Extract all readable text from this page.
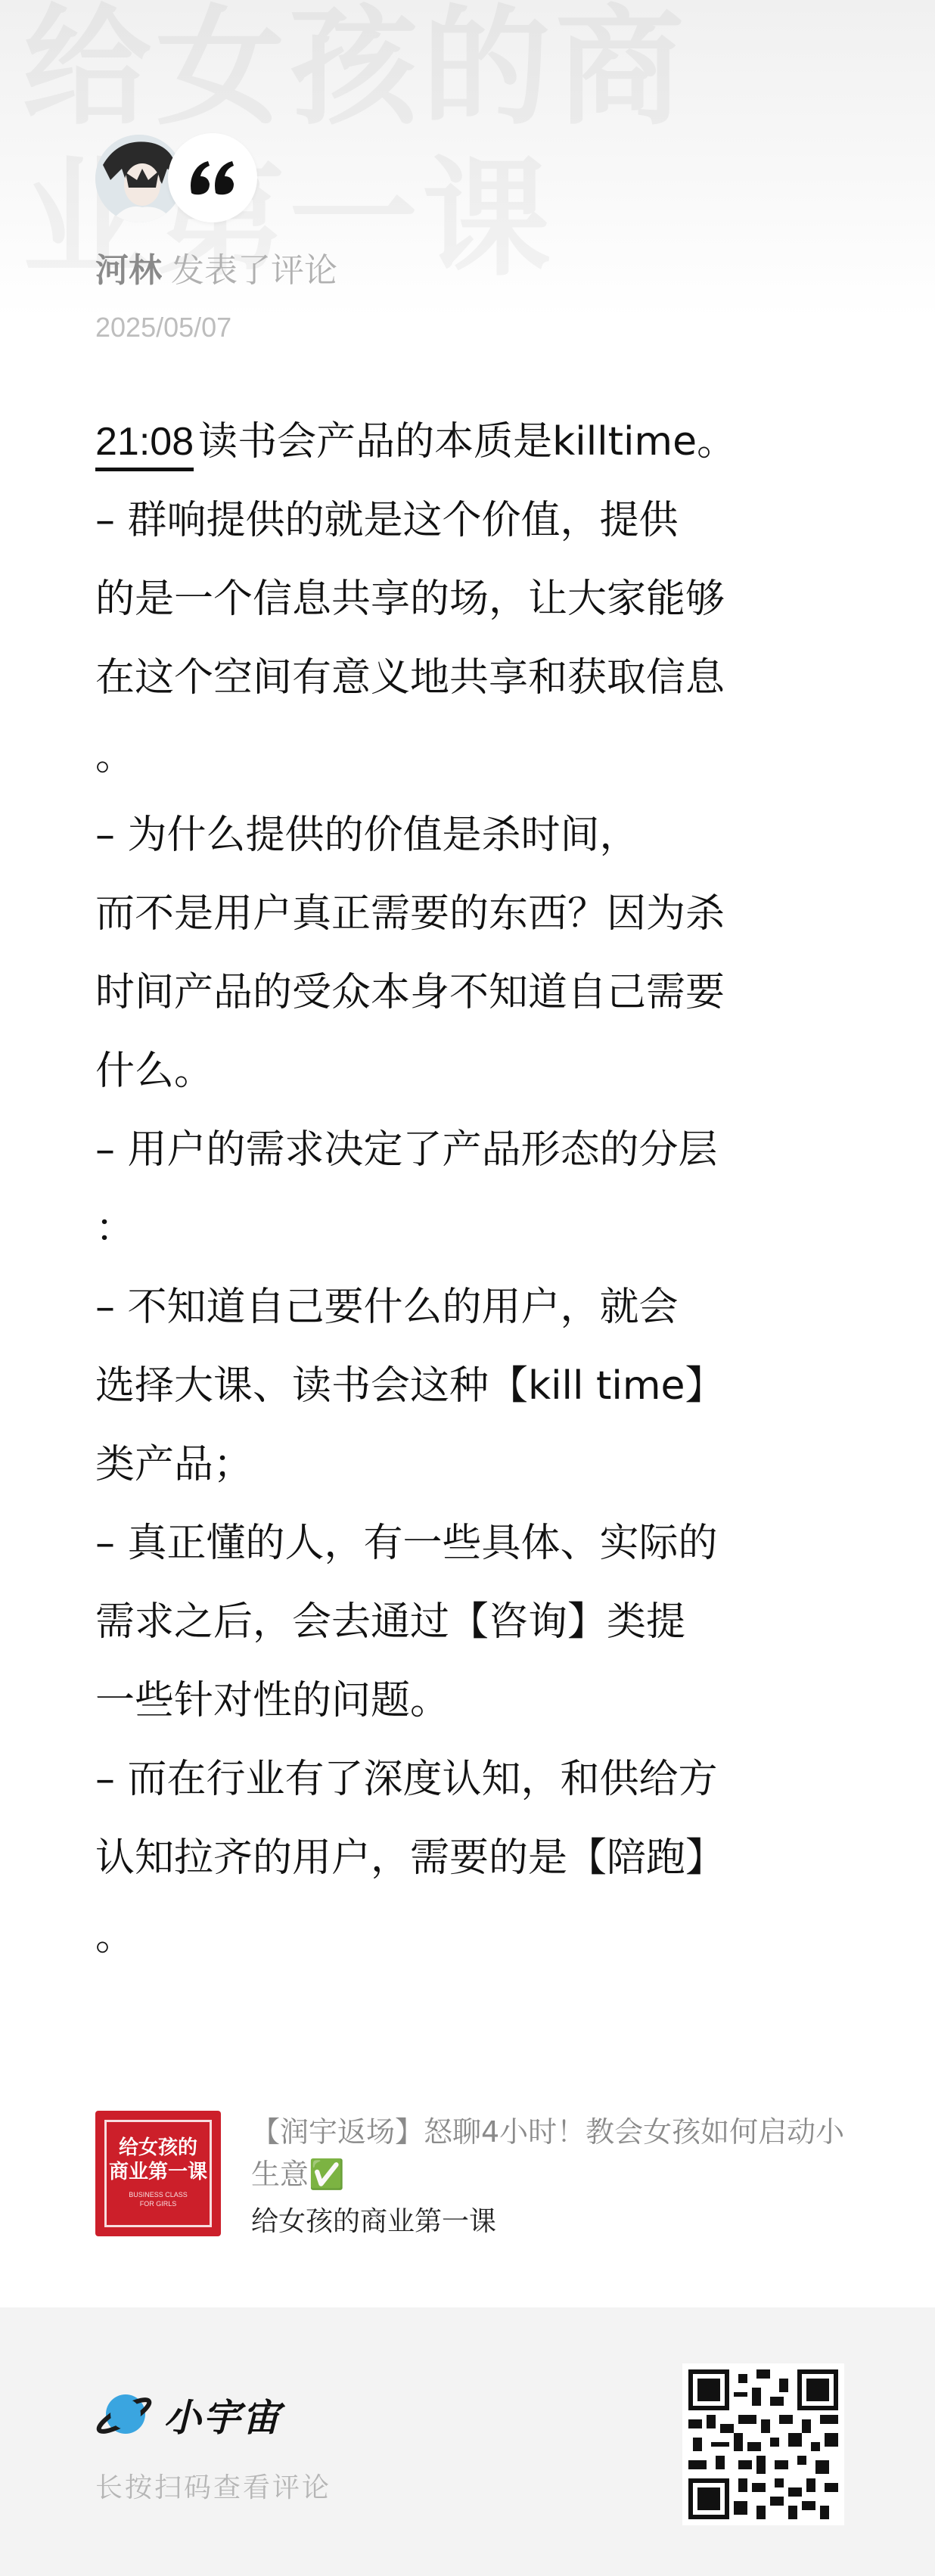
河林 发表了评论
2025/05/07
21:08 读书会产品的本质是killtime。
– 群响提供的就是这个价值，提供
的是一个信息共享的场，让大家能够
在这个空间有意义地共享和获取信息
。
– 为什么提供的价值是杀时间，
而不是用户真正需要的东西？因为杀
时间产品的受众本身不知道自己需要
什么。
– 用户的需求决定了产品形态的分层
：
– 不知道自己要什么的用户，就会
选择大课、读书会这种【kill time】
类产品；
– 真正懂的人，有一些具体、实际的
需求之后，会去通过【咨询】类提
一些针对性的问题。
– 而在行业有了深度认知，和供给方
认知拉齐的用户，需要的是【陪跑】
。
给女孩的
商业第一课
BUSINESS CLASS
FOR GIRLS
【润宇返场】怒聊4小时！教会女孩如何启动小生意✅
给女孩的商业第一课
小宇宙
长按扫码查看评论
